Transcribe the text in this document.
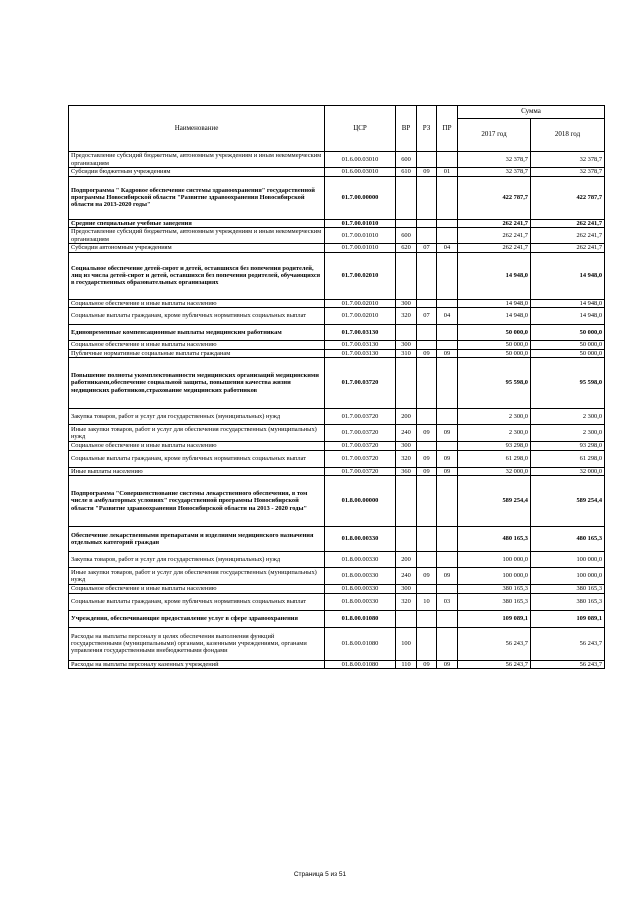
Наименование	ЦСР	ВР	РЗ	ПР	Сумма	
					2017 год	2018 год
Предоставление субсидий бюджетным, автономным учреждениям и иным некоммерческим организациям	01.6.00.03010	600			32 378,7	32 378,7
Субсидии бюджетным учреждениям	01.6.00.03010	610	09	01	32 378,7	32 378,7
Подпрограмма " Кадровое обеспечение системы здравоохранения" государственной программы Новосибирской области "Развитие здравоохранения Новосибирской области на 2013-2020 годы"	01.7.00.00000				422 787,7	422 787,7
Средние специальные учебные заведения	01.7.00.01010				262 241,7	262 241,7
Предоставление субсидий бюджетным, автономным учреждениям и иным некоммерческим организациям	01.7.00.01010	600			262 241,7	262 241,7
Субсидии автономным учреждениям	01.7.00.01010	620	07	04	262 241,7	262 241,7
Социальное обеспечение детей-сирот и детей, оставшихся без попечения родителей, лиц из числа детей-сирот и детей, оставшихся без попечения родителей, обучающихся в государственных образовательных организациях	01.7.00.02010				14 948,0	14 948,0
Социальное обеспечение и иные выплаты населению	01.7.00.02010	300			14 948,0	14 948,0
Социальные выплаты гражданам, кроме публичных нормативных социальных выплат	01.7.00.02010	320	07	04	14 948,0	14 948,0
Единовременные компенсационные выплаты медицинским работникам	01.7.00.03130				50 000,0	50 000,0
Социальное обеспечение и иные выплаты населению	01.7.00.03130	300			50 000,0	50 000,0
Публичные нормативные социальные выплаты гражданам	01.7.00.03130	310	09	09	50 000,0	50 000,0
Повышение полноты укомплектованности медицинских организаций медицинскими работниками,обеспечение социальной защиты, повышения качества жизни медицинских работников,страхование медицинских работников	01.7.00.03720				95 598,0	95 598,0
Закупка товаров, работ и услуг для государственных (муниципальных) нужд	01.7.00.03720	200			2 300,0	2 300,0
Иные закупки товаров, работ и услуг для обеспечения государственных (муниципальных) нужд	01.7.00.03720	240	09	09	2 300,0	2 300,0
Социальное обеспечение и иные выплаты населению	01.7.00.03720	300			93 298,0	93 298,0
Социальные выплаты гражданам, кроме публичных нормативных социальных выплат	01.7.00.03720	320	09	09	61 298,0	61 298,0
Иные выплаты населению	01.7.00.03720	360	09	09	32 000,0	32 000,0
Подпрограмма "Совершенствование системы лекарственного обеспечения, в том числе в амбулаторных условиях" государственной программы Новосибирской области "Развитие здравоохранения Новосибирской области на 2013 - 2020 годы"	01.8.00.00000				589 254,4	589 254,4
Обеспечение лекарственными препаратами и изделиями медицинского назначения отдельных категорий граждан	01.8.00.00330				480 165,3	480 165,3
Закупка товаров, работ и услуг для государственных (муниципальных) нужд	01.8.00.00330	200			100 000,0	100 000,0
Иные закупки товаров, работ и услуг для обеспечения государственных (муниципальных) нужд	01.8.00.00330	240	09	09	100 000,0	100 000,0
Социальное обеспечение и иные выплаты населению	01.8.00.00330	300			380 165,3	380 165,3
Социальные выплаты гражданам, кроме публичных нормативных социальных выплат	01.8.00.00330	320	10	03	380 165,3	380 165,3
Учреждения, обеспечивающие предоставление услуг в сфере здравоохранения	01.8.00.01080				109 089,1	109 089,1
Расходы на выплаты персоналу в целях обеспечения выполнения функций государственными (муниципальными) органами, казенными учреждениями, органами управления государственными внебюджетными фондами	01.8.00.01080	100			56 243,7	56 243,7
Расходы на выплаты персоналу казенных учреждений	01.8.00.01080	110	09	09	56 243,7	56 243,7
Страница 5 из 51
